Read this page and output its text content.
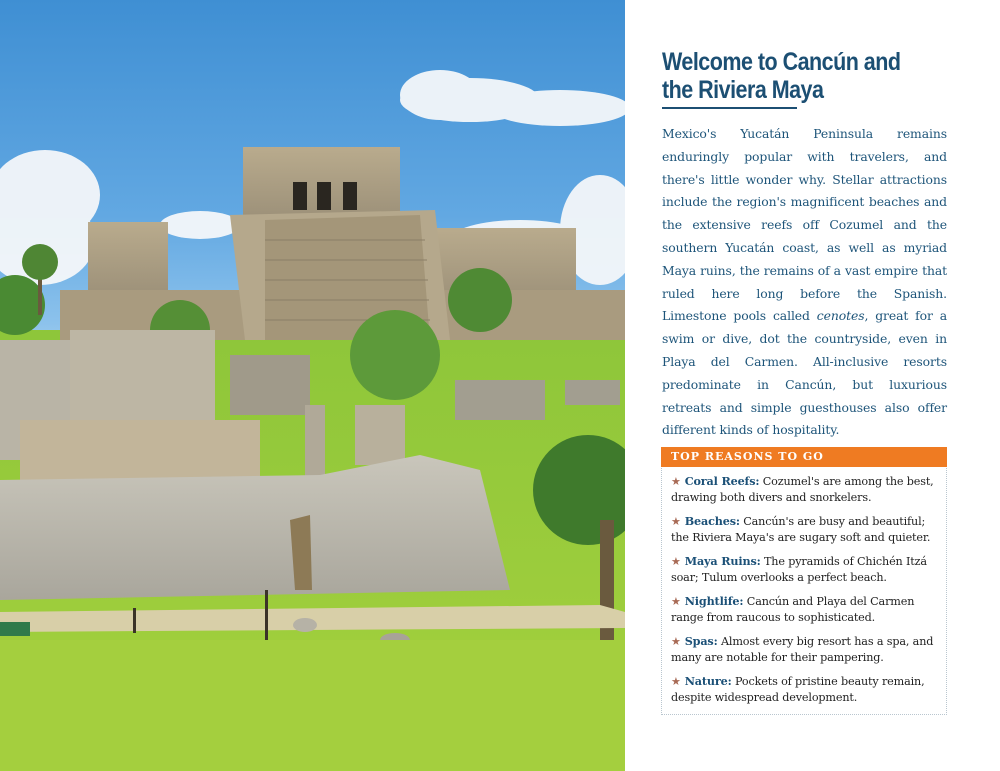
Welcome to Cancún and
the Riviera Maya

Mexico's Yucatán Peninsula remains enduringly popular with travelers, and there's little wonder why. Stellar attractions include the region's magnificent beaches and the extensive reefs off Cozumel and the southern Yucatán coast, as well as myriad Maya ruins, the remains of a vast empire that ruled here long before the Spanish. Limestone pools called cenotes, great for a swim or dive, dot the countryside, even in Playa del Carmen. All-inclusive resorts predominate in Cancún, but luxurious retreats and simple guesthouses also offer different kinds of hospitality.

TOP REASONS TO GO
★ Coral Reefs: Cozumel's are among the best, drawing both divers and snorkelers.
★ Beaches: Cancún's are busy and beautiful; the Riviera Maya's are sugary soft and quieter.
★ Maya Ruins: The pyramids of Chichén Itzá soar; Tulum overlooks a perfect beach.
★ Nightlife: Cancún and Playa del Carmen range from raucous to sophisticated.
★ Spas: Almost every big resort has a spa, and many are notable for their pampering.
★ Nature: Pockets of pristine beauty remain, despite widespread development.
